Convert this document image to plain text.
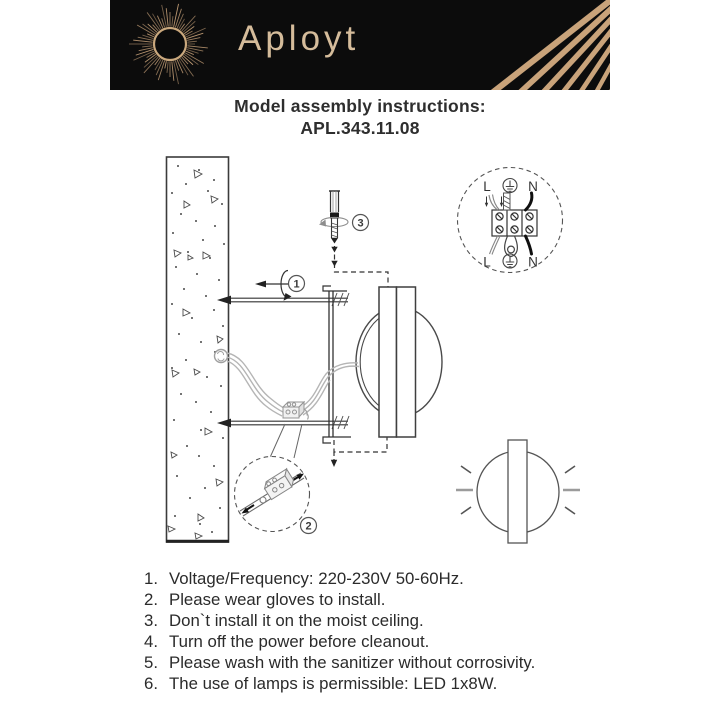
Aployt
Model assembly instructions:
APL.343.11.08
1
3
2
L	N
L	N
1. Voltage/Frequency: 220-230V 50-60Hz.
2. Please wear gloves to install.
3. Don`t install it on the moist ceiling.
4. Turn off the power before cleanout.
5. Please wash with the sanitizer without corrosivity.
6. The use of lamps is permissible: LED 1x8W.
